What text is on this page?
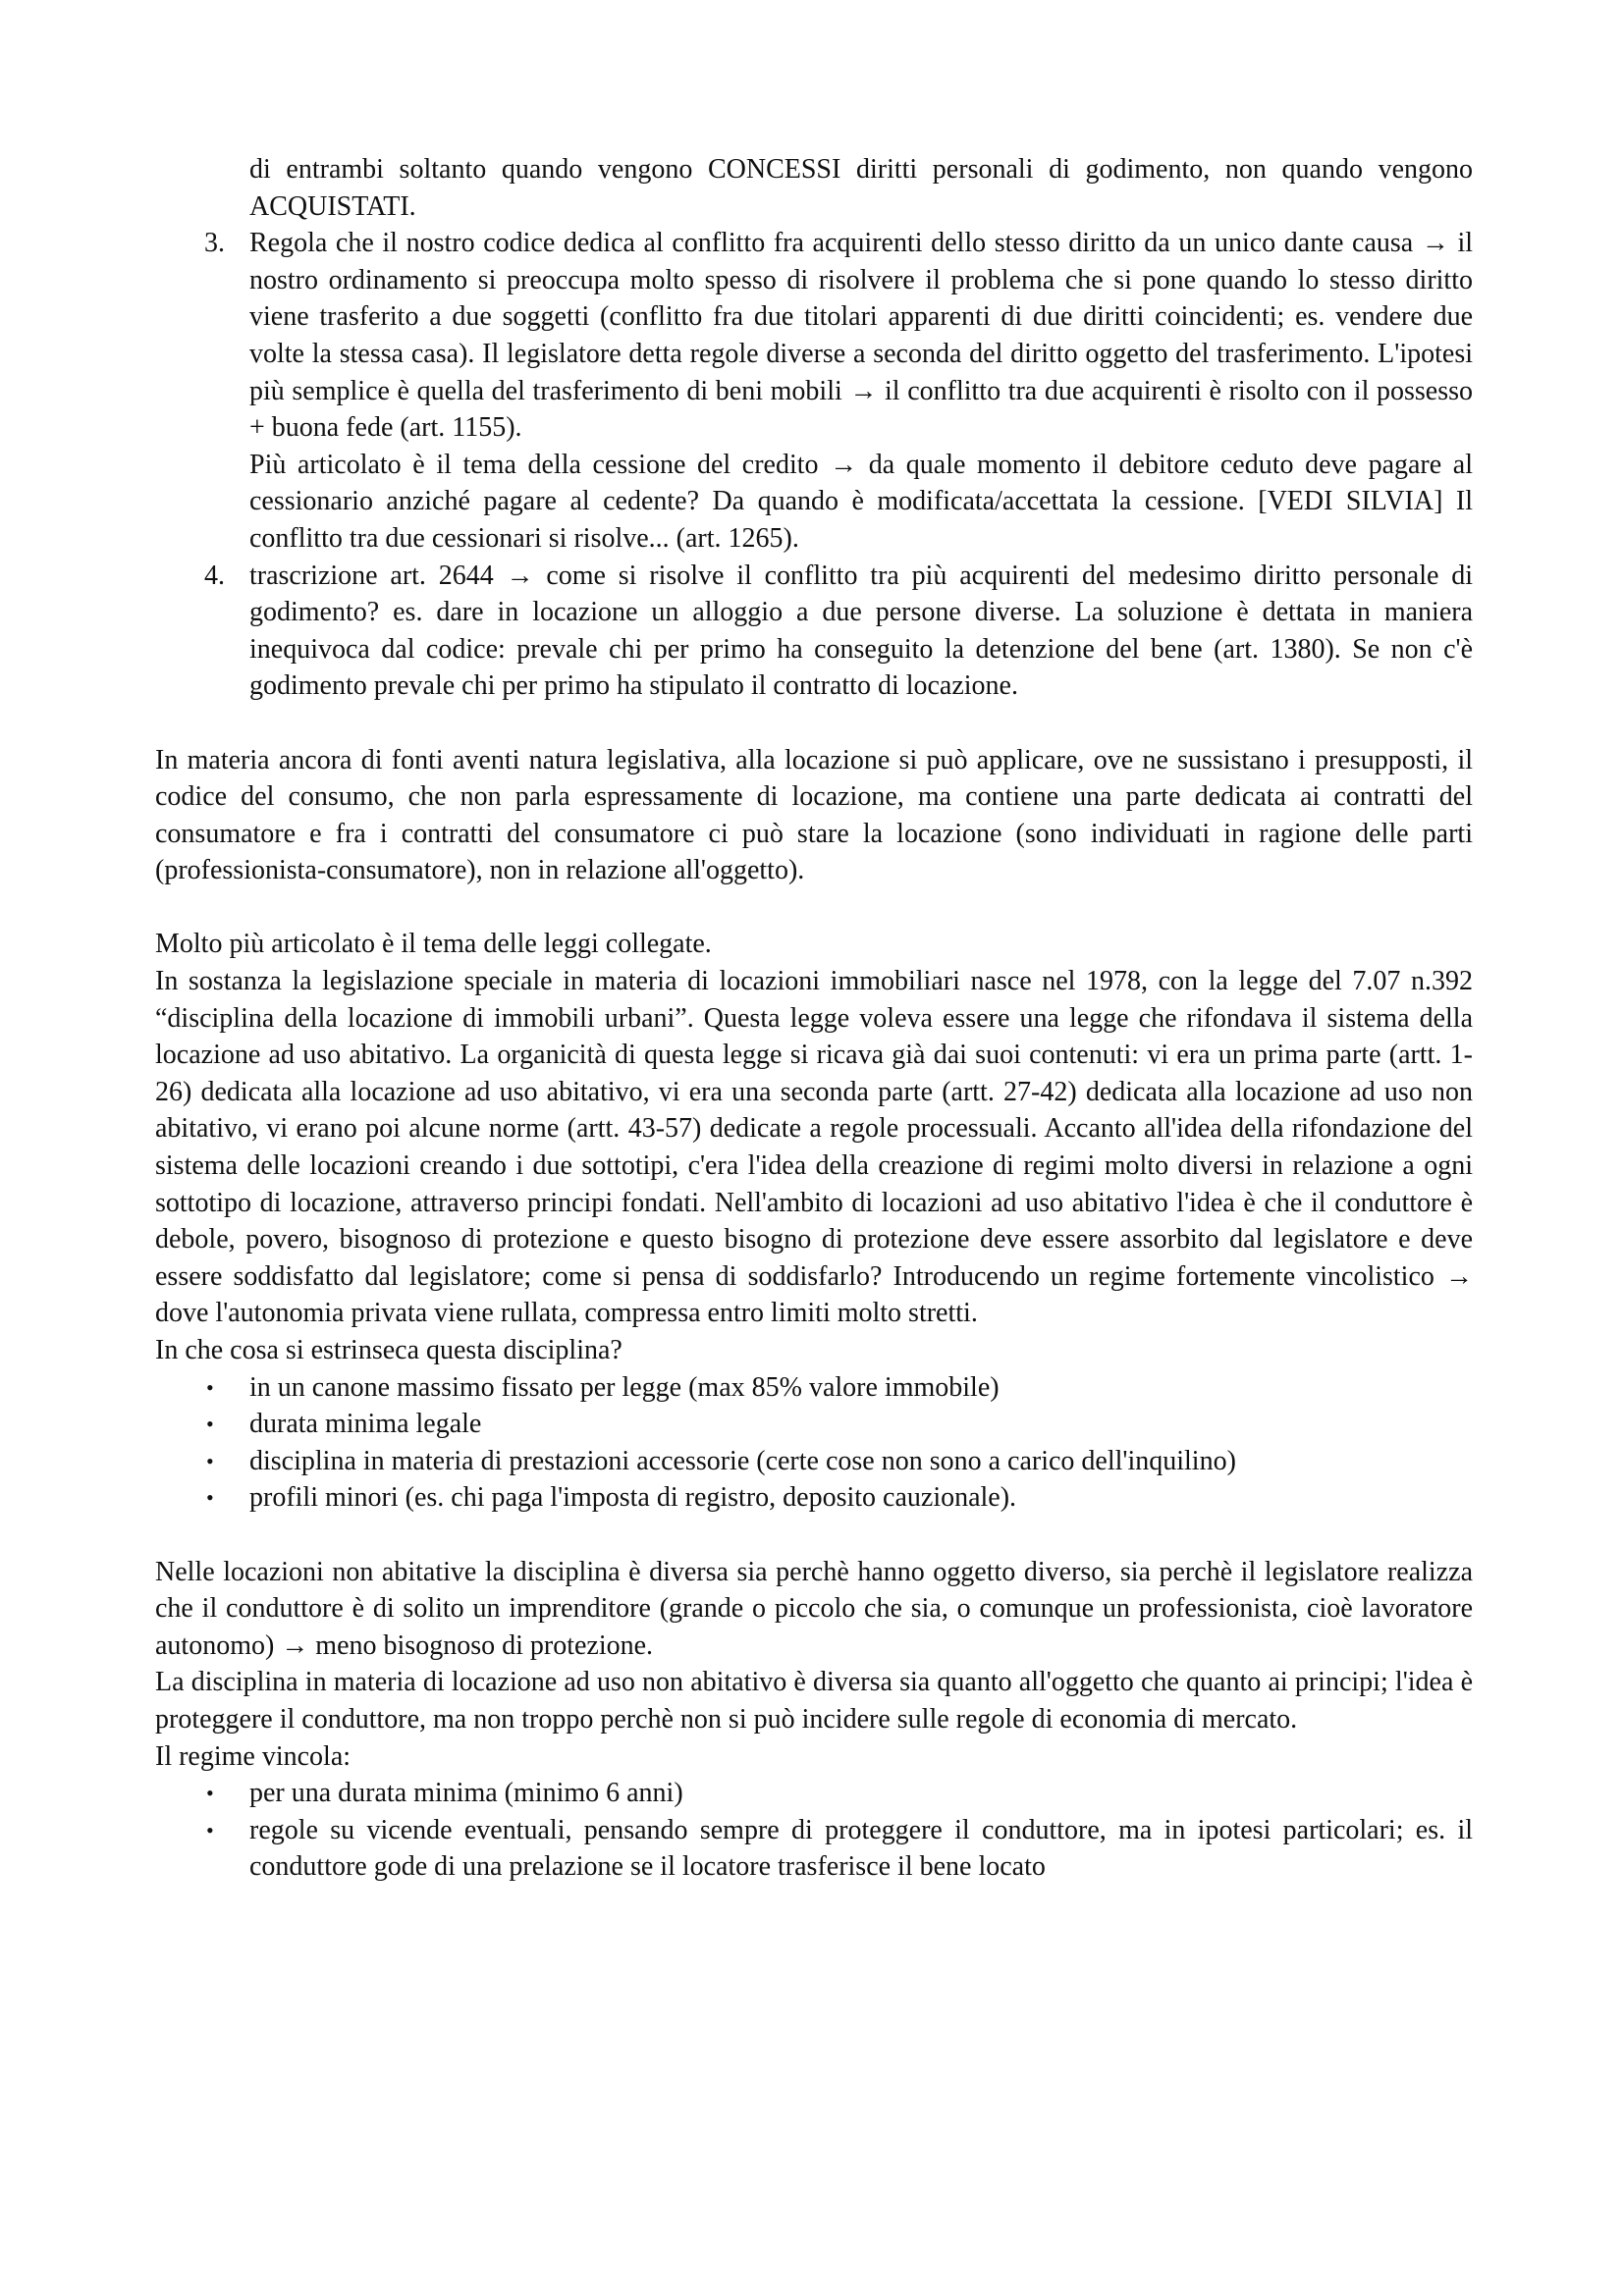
di entrambi soltanto quando vengono CONCESSI diritti personali di godimento, non quando vengono ACQUISTATI.

3. Regola che il nostro codice dedica al conflitto fra acquirenti dello stesso diritto da un unico dante causa → il nostro ordinamento si preoccupa molto spesso di risolvere il problema che si pone quando lo stesso diritto viene trasferito a due soggetti (conflitto fra due titolari apparenti di due diritti coincidenti; es. vendere due volte la stessa casa). Il legislatore detta regole diverse a seconda del diritto oggetto del trasferimento. L'ipotesi più semplice è quella del trasferimento di beni mobili → il conflitto tra due acquirenti è risolto con il possesso + buona fede (art. 1155).

Più articolato è il tema della cessione del credito → da quale momento il debitore ceduto deve pagare al cessionario anziché pagare al cedente? Da quando è modificata/accettata la cessione. [VEDI SILVIA] Il conflitto tra due cessionari si risolve... (art. 1265).

4. trascrizione art. 2644 → come si risolve il conflitto tra più acquirenti del medesimo diritto personale di godimento? es. dare in locazione un alloggio a due persone diverse. La soluzione è dettata in maniera inequivoca dal codice: prevale chi per primo ha conseguito la detenzione del bene (art. 1380). Se non c'è godimento prevale chi per primo ha stipulato il contratto di locazione.

In materia ancora di fonti aventi natura legislativa, alla locazione si può applicare, ove ne sussistano i presupposti, il codice del consumo, che non parla espressamente di locazione, ma contiene una parte dedicata ai contratti del consumatore e fra i contratti del consumatore ci può stare la locazione (sono individuati in ragione delle parti (professionista-consumatore), non in relazione all'oggetto).

Molto più articolato è il tema delle leggi collegate.

In sostanza la legislazione speciale in materia di locazioni immobiliari nasce nel 1978, con la legge del 7.07 n.392 “disciplina della locazione di immobili urbani”. Questa legge voleva essere una legge che rifondava il sistema della locazione ad uso abitativo. La organicità di questa legge si ricava già dai suoi contenuti: vi era un prima parte (artt. 1-26) dedicata alla locazione ad uso abitativo, vi era una seconda parte (artt. 27-42) dedicata alla locazione ad uso non abitativo, vi erano poi alcune norme (artt. 43-57) dedicate a regole processuali. Accanto all'idea della rifondazione del sistema delle locazioni creando i due sottotipi, c'era l'idea della creazione di regimi molto diversi in relazione a ogni sottotipo di locazione, attraverso principi fondati. Nell'ambito di locazioni ad uso abitativo l'idea è che il conduttore è debole, povero, bisognoso di protezione e questo bisogno di protezione deve essere assorbito dal legislatore e deve essere soddisfatto dal legislatore; come si pensa di soddisfarlo? Introducendo un regime fortemente vincolistico → dove l'autonomia privata viene rullata, compressa entro limiti molto stretti.

In che cosa si estrinseca questa disciplina?

• in un canone massimo fissato per legge (max 85% valore immobile)
• durata minima legale
• disciplina in materia di prestazioni accessorie (certe cose non sono a carico dell'inquilino)
• profili minori (es. chi paga l'imposta di registro, deposito cauzionale).

Nelle locazioni non abitative la disciplina è diversa sia perchè hanno oggetto diverso, sia perchè il legislatore realizza che il conduttore è di solito un imprenditore (grande o piccolo che sia, o comunque un professionista, cioè lavoratore autonomo) → meno bisognoso di protezione.

La disciplina in materia di locazione ad uso non abitativo è diversa sia quanto all'oggetto che quanto ai principi; l'idea è proteggere il conduttore, ma non troppo perchè non si può incidere sulle regole di economia di mercato.

Il regime vincola:

• per una durata minima (minimo 6 anni)
• regole su vicende eventuali, pensando sempre di proteggere il conduttore, ma in ipotesi particolari; es. il conduttore gode di una prelazione se il locatore trasferisce il bene locato
